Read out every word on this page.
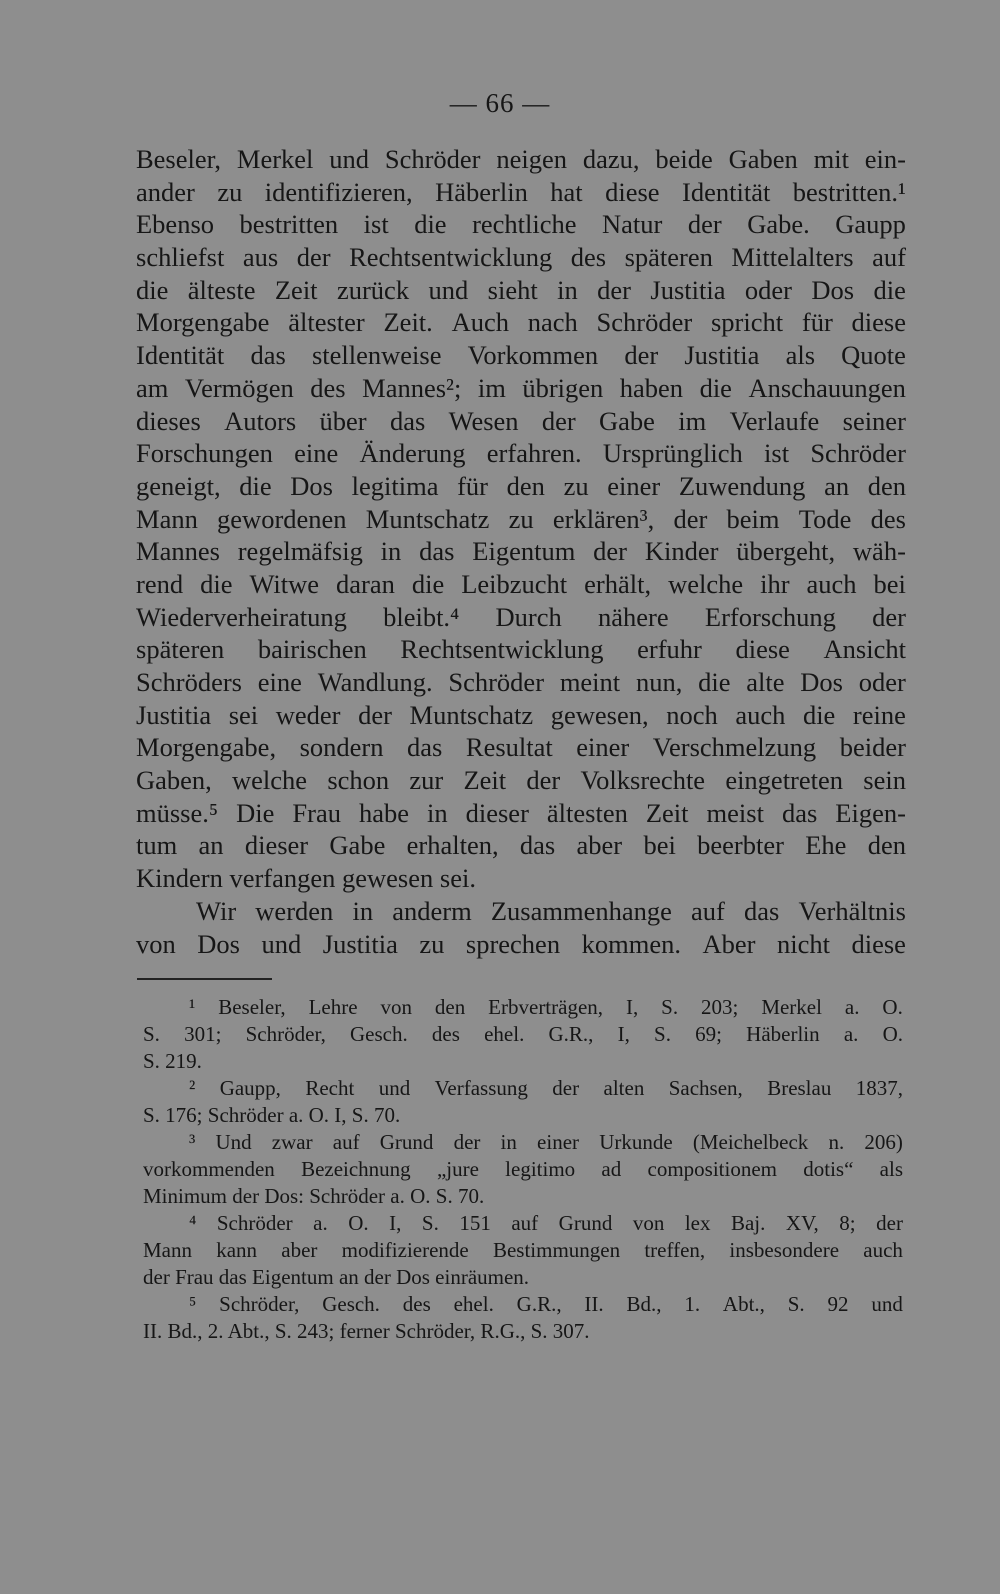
— 66 —
Beseler, Merkel und Schröder neigen dazu, beide Gaben mit ein-
ander zu identifizieren, Häberlin hat diese Identität bestritten.¹
Ebenso bestritten ist die rechtliche Natur der Gabe. Gaupp
schliefst aus der Rechtsentwicklung des späteren Mittelalters auf
die älteste Zeit zurück und sieht in der Justitia oder Dos die
Morgengabe ältester Zeit. Auch nach Schröder spricht für diese
Identität das stellenweise Vorkommen der Justitia als Quote
am Vermögen des Mannes²; im übrigen haben die Anschauungen
dieses Autors über das Wesen der Gabe im Verlaufe seiner
Forschungen eine Änderung erfahren. Ursprünglich ist Schröder
geneigt, die Dos legitima für den zu einer Zuwendung an den
Mann gewordenen Muntschatz zu erklären³, der beim Tode des
Mannes regelmäfsig in das Eigentum der Kinder übergeht, wäh-
rend die Witwe daran die Leibzucht erhält, welche ihr auch bei
Wiederverheiratung bleibt.⁴ Durch nähere Erforschung der
späteren bairischen Rechtsentwicklung erfuhr diese Ansicht
Schröders eine Wandlung. Schröder meint nun, die alte Dos oder
Justitia sei weder der Muntschatz gewesen, noch auch die reine
Morgengabe, sondern das Resultat einer Verschmelzung beider
Gaben, welche schon zur Zeit der Volksrechte eingetreten sein
müsse.⁵ Die Frau habe in dieser ältesten Zeit meist das Eigen-
tum an dieser Gabe erhalten, das aber bei beerbter Ehe den
Kindern verfangen gewesen sei.
Wir werden in anderm Zusammenhange auf das Verhältnis
von Dos und Justitia zu sprechen kommen. Aber nicht diese
¹ Beseler, Lehre von den Erbverträgen, I, S. 203; Merkel a. O.
S. 301; Schröder, Gesch. des ehel. G.R., I, S. 69; Häberlin a. O.
S. 219.
² Gaupp, Recht und Verfassung der alten Sachsen, Breslau 1837,
S. 176; Schröder a. O. I, S. 70.
³ Und zwar auf Grund der in einer Urkunde (Meichelbeck n. 206)
vorkommenden Bezeichnung „jure legitimo ad compositionem dotis“ als
Minimum der Dos: Schröder a. O. S. 70.
⁴ Schröder a. O. I, S. 151 auf Grund von lex Baj. XV, 8; der
Mann kann aber modifizierende Bestimmungen treffen, insbesondere auch
der Frau das Eigentum an der Dos einräumen.
⁵ Schröder, Gesch. des ehel. G.R., II. Bd., 1. Abt., S. 92 und
II. Bd., 2. Abt., S. 243; ferner Schröder, R.G., S. 307.
